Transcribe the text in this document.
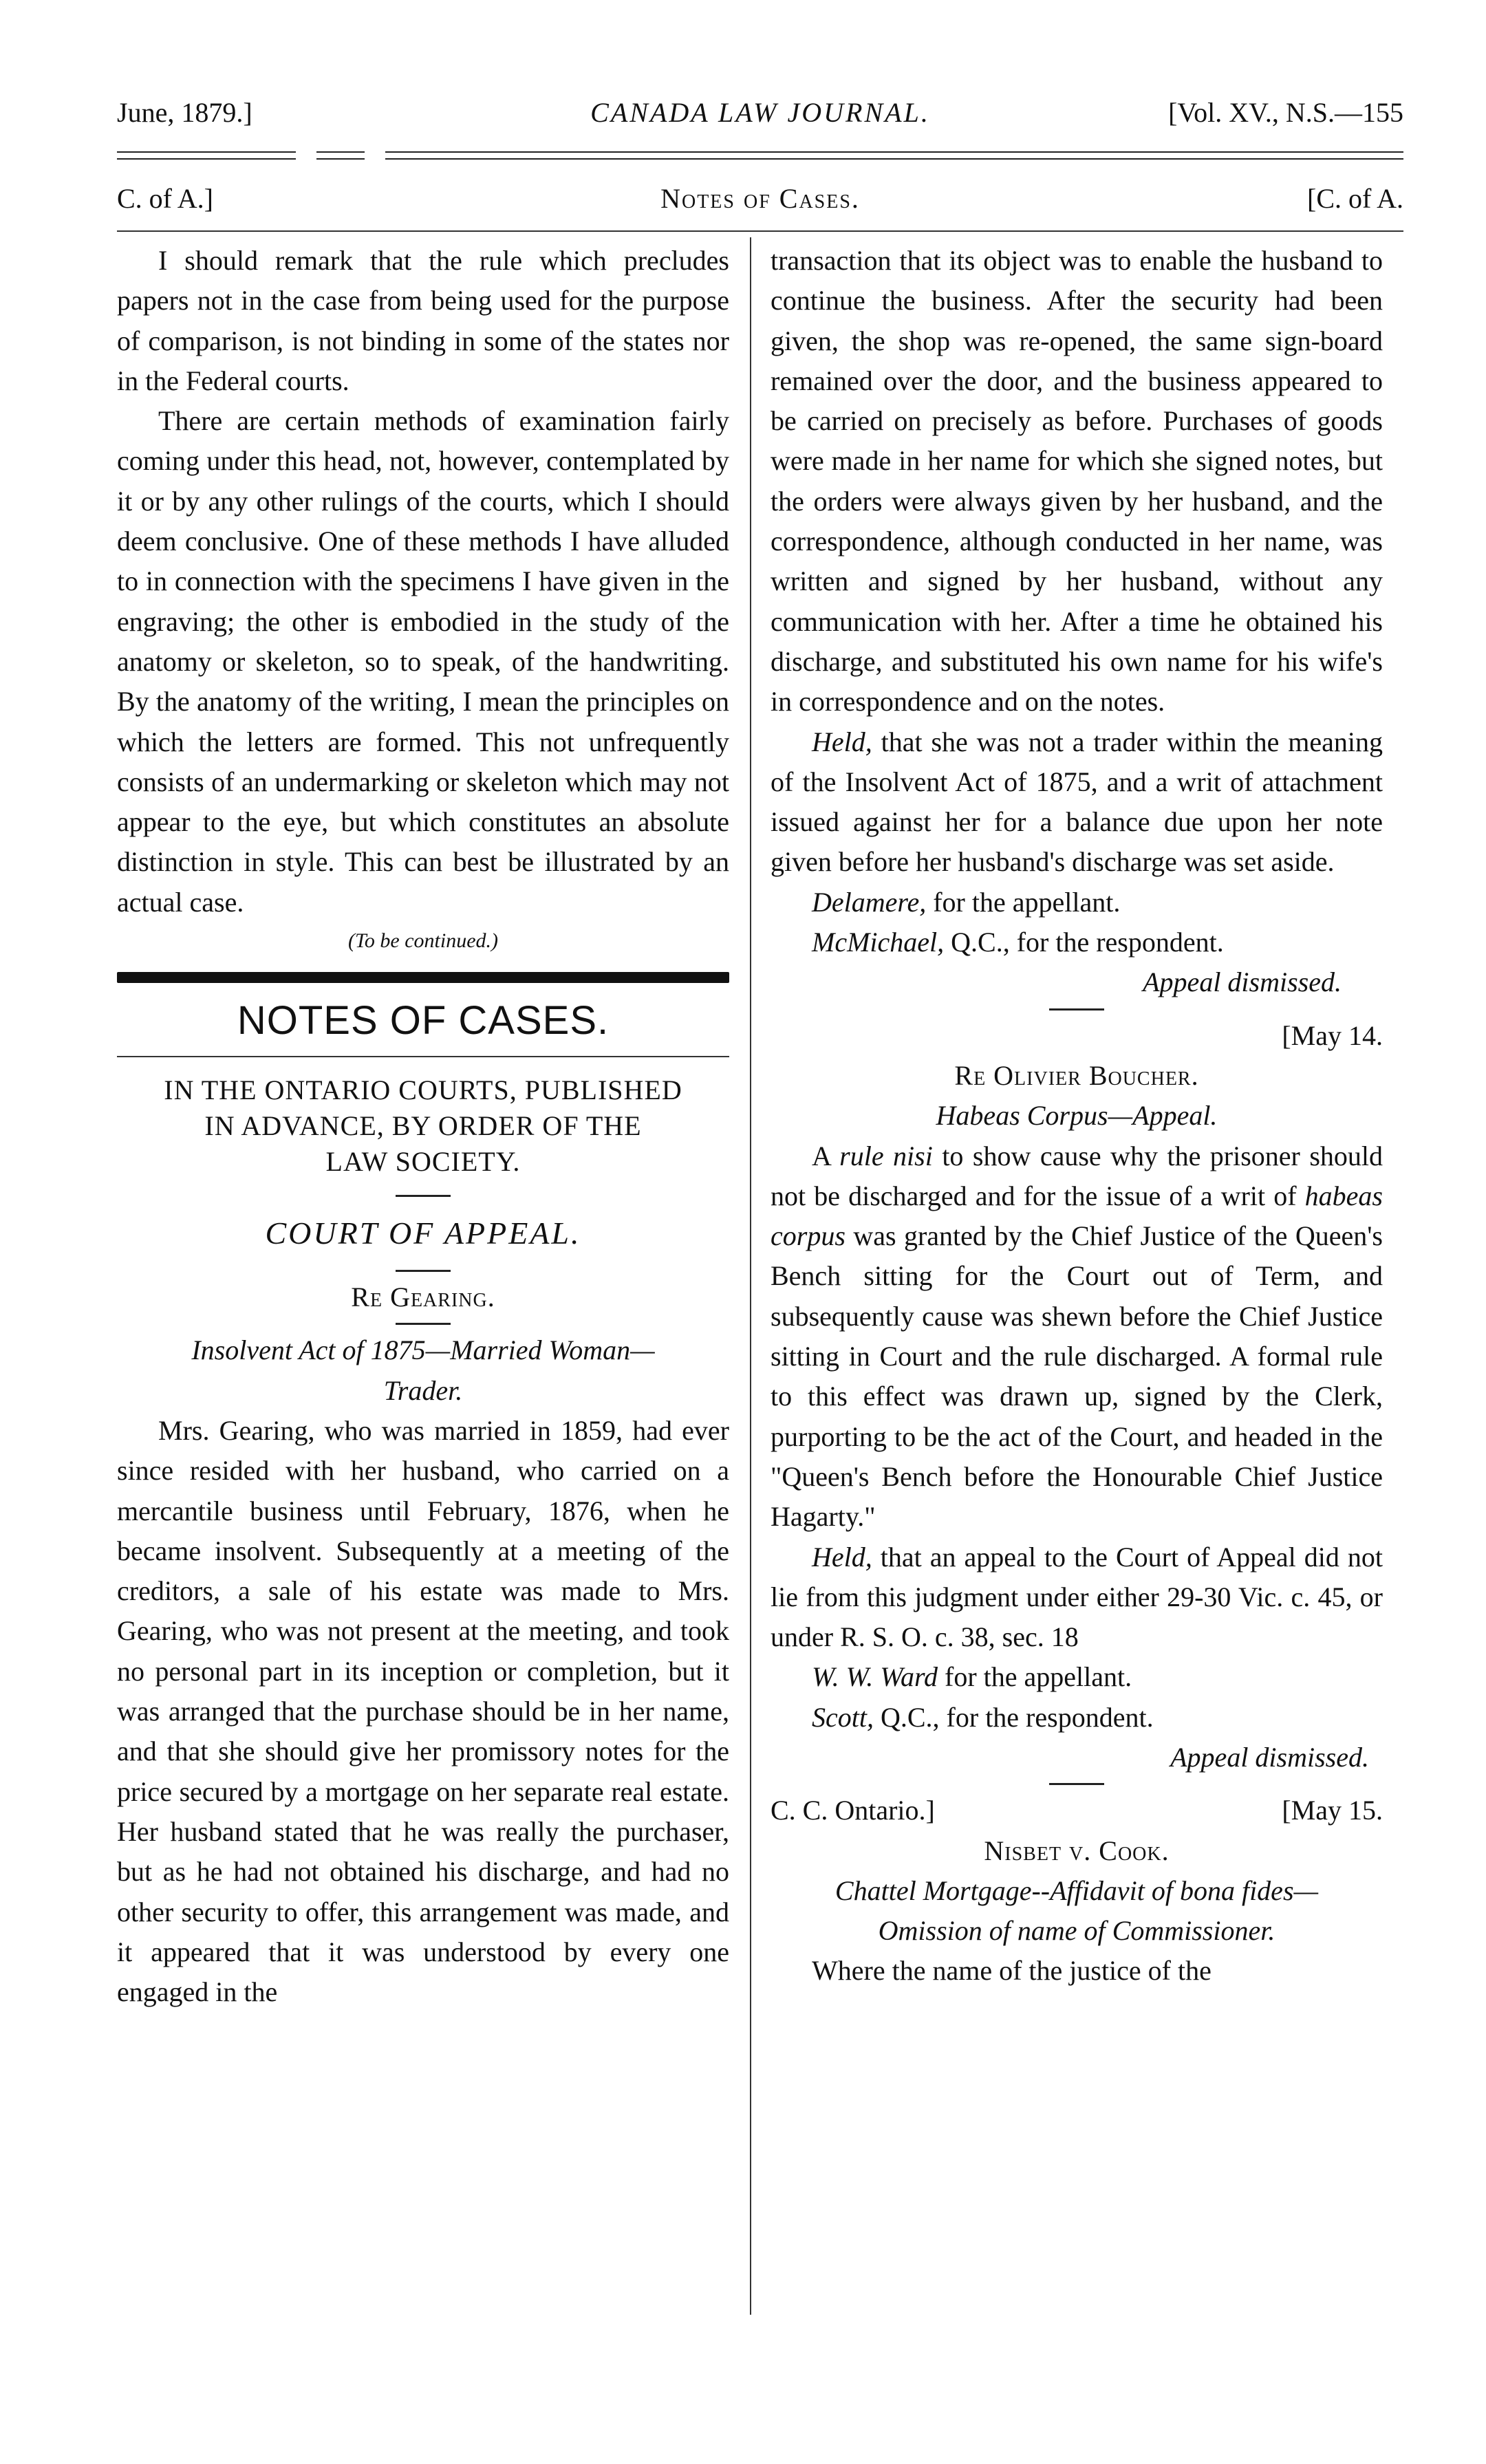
June, 1879.]	CANADA LAW JOURNAL.	[Vol. XV., N.S.—155
C. of A.]	Notes of Cases.	[C. of A.

I should remark that the rule which precludes papers not in the case from being used for the purpose of comparison, is not binding in some of the states nor in the Federal courts.

There are certain methods of examination fairly coming under this head, not, however, contemplated by it or by any other rulings of the courts, which I should deem conclusive. One of these methods I have alluded to in connection with the specimens I have given in the engraving; the other is embodied in the study of the anatomy or skeleton, so to speak, of the handwriting. By the anatomy of the writing, I mean the principles on which the letters are formed. This not unfrequently consists of an undermarking or skeleton which may not appear to the eye, but which constitutes an absolute distinction in style. This can best be illustrated by an actual case.

(To be continued.)

NOTES OF CASES.

IN THE ONTARIO COURTS, PUBLISHED

IN ADVANCE, BY ORDER OF THE

LAW SOCIETY.

COURT OF APPEAL.

Re Gearing.

Insolvent Act of 1875—Married Woman—

Trader.

Mrs. Gearing, who was married in 1859, had ever since resided with her husband, who carried on a mercantile business until February, 1876, when he became insolvent. Subsequently at a meeting of the creditors, a sale of his estate was made to Mrs. Gearing, who was not present at the meeting, and took no personal part in its inception or completion, but it was arranged that the purchase should be in her name, and that she should give her promissory notes for the price secured by a mortgage on her separate real estate. Her husband stated that he was really the purchaser, but as he had not obtained his discharge, and had no other security to offer, this arrangement was made, and it appeared that it was understood by every one engaged in the

transaction that its object was to enable the husband to continue the business. After the security had been given, the shop was re-opened, the same sign-board remained over the door, and the business appeared to be carried on precisely as before. Purchases of goods were made in her name for which she signed notes, but the orders were always given by her husband, and the correspondence, although conducted in her name, was written and signed by her husband, without any communication with her. After a time he obtained his discharge, and substituted his own name for his wife's in correspondence and on the notes.

Held, that she was not a trader within the meaning of the Insolvent Act of 1875, and a writ of attachment issued against her for a balance due upon her note given before her husband's discharge was set aside.

Delamere, for the appellant.

McMichael, Q.C., for the respondent.

Appeal dismissed.

[May 14.

Re Olivier Boucher.

Habeas Corpus—Appeal.

A rule nisi to show cause why the prisoner should not be discharged and for the issue of a writ of habeas corpus was granted by the Chief Justice of the Queen's Bench sitting for the Court out of Term, and subsequently cause was shewn before the Chief Justice sitting in Court and the rule discharged. A formal rule to this effect was drawn up, signed by the Clerk, purporting to be the act of the Court, and headed in the "Queen's Bench before the Honourable Chief Justice Hagarty."

Held, that an appeal to the Court of Appeal did not lie from this judgment under either 29-30 Vic. c. 45, or under R. S. O. c. 38, sec. 18

W. W. Ward for the appellant.

Scott, Q.C., for the respondent.

Appeal dismissed.

C. C. Ontario.]	[May 15.

Nisbet v. Cook.

Chattel Mortgage--Affidavit of bona fides—

Omission of name of Commissioner.

Where the name of the justice of the
